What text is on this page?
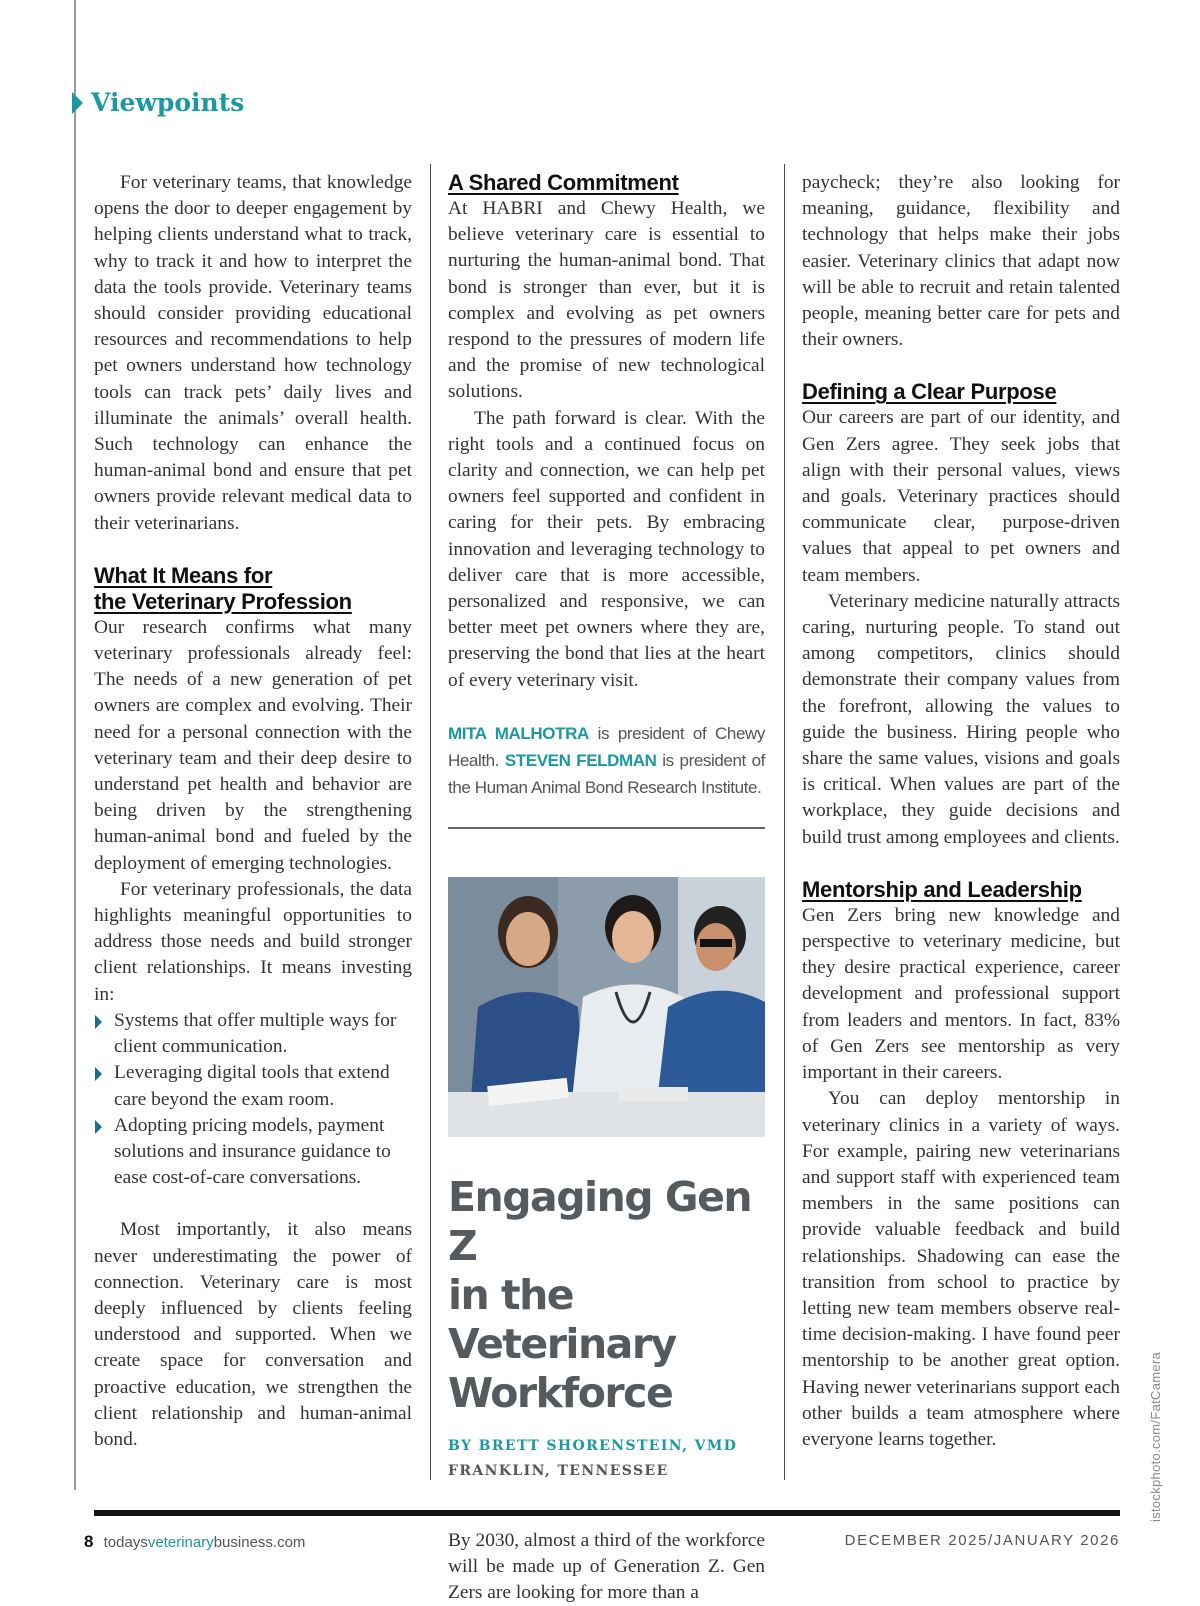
Viewpoints

For veterinary teams, that knowledge opens the door to deeper engagement by helping clients understand what to track, why to track it and how to interpret the data the tools provide. Veterinary teams should consider providing educational resources and recommendations to help pet owners understand how technology tools can track pets’ daily lives and illuminate the animals’ overall health. Such technology can enhance the human-animal bond and ensure that pet owners provide relevant medical data to their veterinarians.

What It Means for
the Veterinary Profession

Our research confirms what many veterinary professionals already feel: The needs of a new generation of pet owners are complex and evolving. Their need for a personal connection with the veterinary team and their deep desire to understand pet health and behavior are being driven by the strengthening human-animal bond and fueled by the deployment of emerging technologies.

For veterinary professionals, the data highlights meaningful opportunities to address those needs and build stronger client relationships. It means investing in:

Systems that offer multiple ways for client communication.
Leveraging digital tools that extend care beyond the exam room.
Adopting pricing models, payment solutions and insurance guidance to ease cost-of-care conversations.

Most importantly, it also means never underestimating the power of connection. Veterinary care is most deeply influenced by clients feeling understood and supported. When we create space for conversation and proactive education, we strengthen the client relationship and human-animal bond.

A Shared Commitment

At HABRI and Chewy Health, we believe veterinary care is essential to nurturing the human-animal bond. That bond is stronger than ever, but it is complex and evolving as pet owners respond to the pressures of modern life and the promise of new technological solutions.

The path forward is clear. With the right tools and a continued focus on clarity and connection, we can help pet owners feel supported and confident in caring for their pets. By embracing innovation and leveraging technology to deliver care that is more accessible, personalized and responsive, we can better meet pet owners where they are, preserving the bond that lies at the heart of every veterinary visit.

MITA MALHOTRA is president of Chewy Health. STEVEN FELDMAN is president of the Human Animal Bond Research Institute.
Engaging Gen Z
in the Veterinary
Workforce
BY BRETT SHORENSTEIN, VMD
FRANKLIN, TENNESSEE

By 2030, almost a third of the workforce will be made up of Generation Z. Gen Zers are looking for more than a

paycheck; they’re also looking for meaning, guidance, flexibility and technology that helps make their jobs easier. Veterinary clinics that adapt now will be able to recruit and retain talented people, meaning better care for pets and their owners.

Defining a Clear Purpose

Our careers are part of our identity, and Gen Zers agree. They seek jobs that align with their personal values, views and goals. Veterinary practices should communicate clear, purpose-driven values that appeal to pet owners and team members.

Veterinary medicine naturally attracts caring, nurturing people. To stand out among competitors, clinics should demonstrate their company values from the forefront, allowing the values to guide the business. Hiring people who share the same values, visions and goals is critical. When values are part of the workplace, they guide decisions and build trust among employees and clients.

Mentorship and Leadership

Gen Zers bring new knowledge and perspective to veterinary medicine, but they desire practical experience, career development and professional support from leaders and mentors. In fact, 83% of Gen Zers see mentorship as very important in their careers.

You can deploy mentorship in veterinary clinics in a variety of ways. For example, pairing new veterinarians and support staff with experienced team members in the same positions can provide valuable feedback and build relationships. Shadowing can ease the transition from school to practice by letting new team members observe real-time decision-making. I have found peer mentorship to be another great option. Having newer veterinarians support each other builds a team atmosphere where everyone learns together.	istockphoto.com/FatCamera
8 todaysveterinarybusiness.com	DECEMBER 2025/JANUARY 2026
